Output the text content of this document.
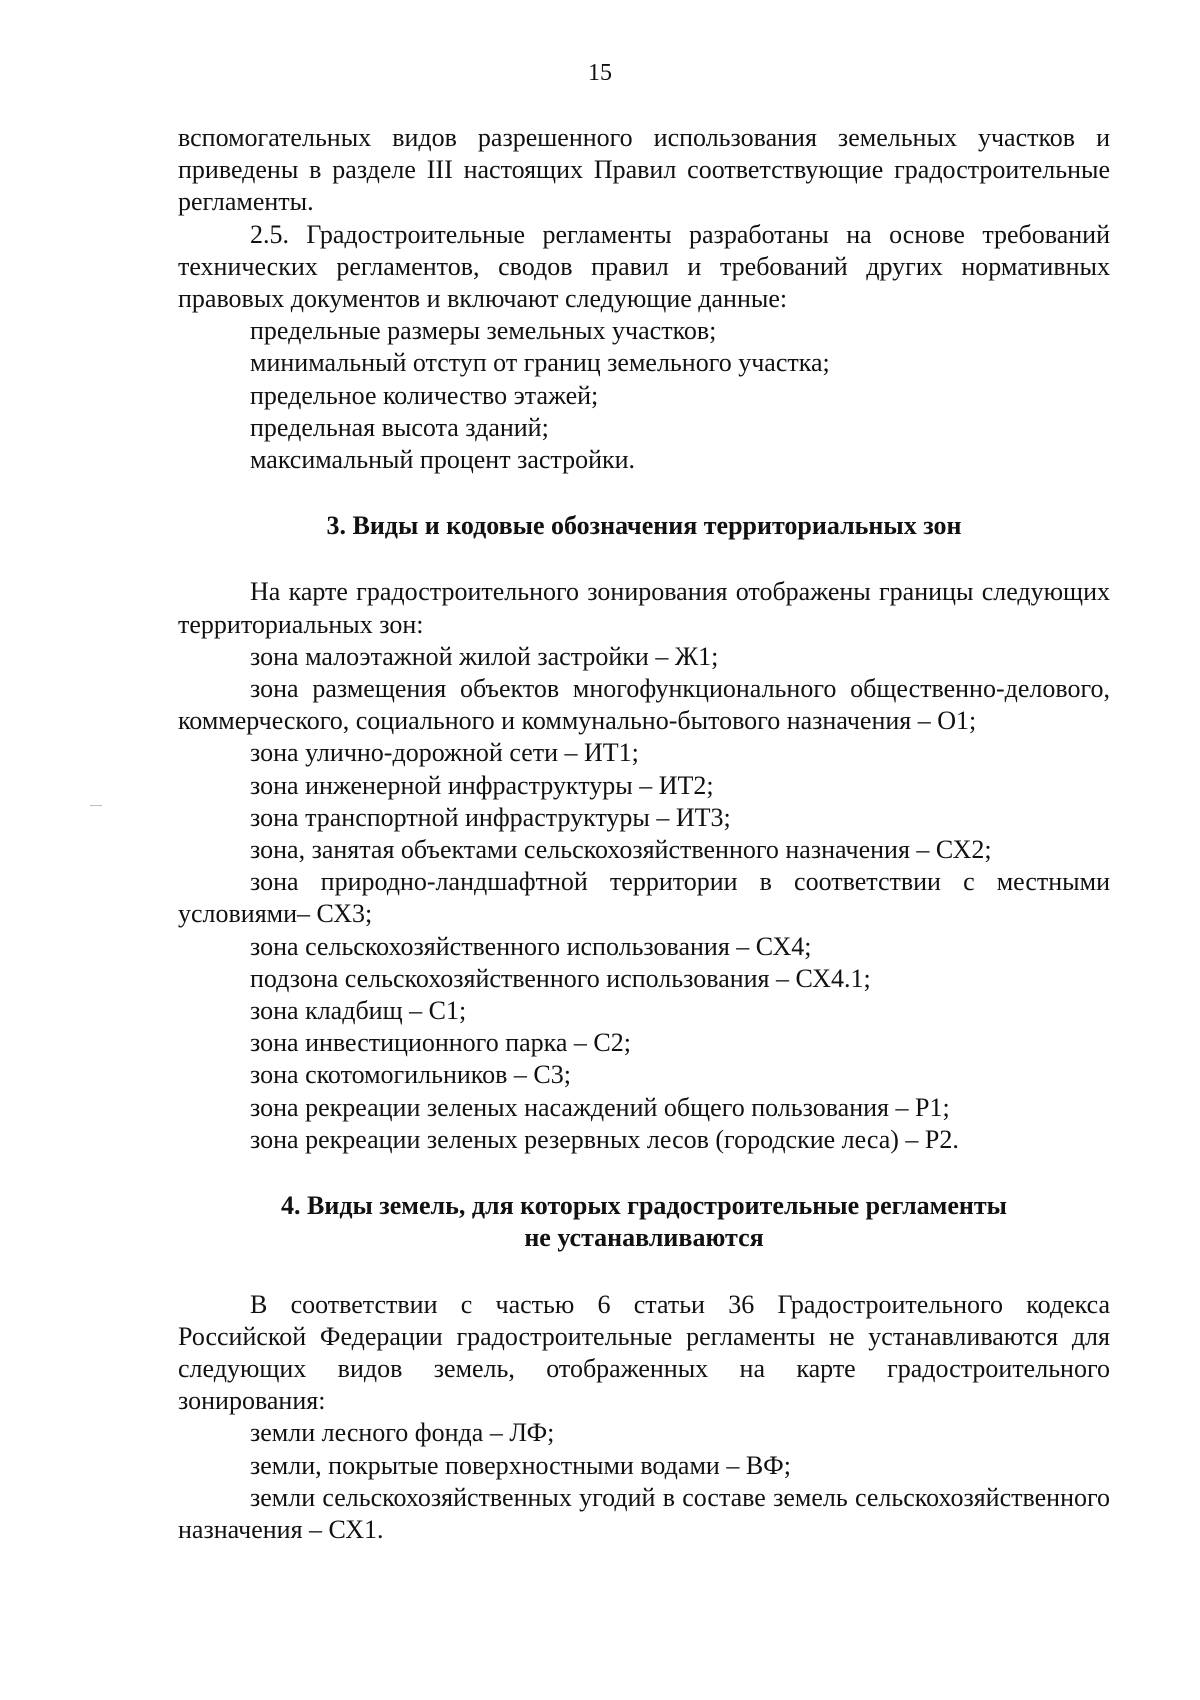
15

вспомогательных видов разрешенного использования земельных участков и приведены в разделе III настоящих Правил соответствующие градостроительные регламенты.

2.5. Градостроительные регламенты разработаны на основе требований технических регламентов, сводов правил и требований других нормативных правовых документов и включают следующие данные:

предельные размеры земельных участков;

минимальный отступ от границ земельного участка;

предельное количество этажей;

предельная высота зданий;

максимальный процент застройки.

3. Виды и кодовые обозначения территориальных зон

На карте градостроительного зонирования отображены границы следующих территориальных зон:

зона малоэтажной жилой застройки – Ж1;

зона размещения объектов многофункционального общественно-делового, коммерческого, социального и коммунально-бытового назначения – О1;

зона улично-дорожной сети – ИТ1;

зона инженерной инфраструктуры – ИТ2;

зона транспортной инфраструктуры – ИТ3;

зона, занятая объектами сельскохозяйственного назначения – СХ2;

зона природно-ландшафтной территории в соответствии с местными условиями– СХ3;

зона сельскохозяйственного использования – СХ4;

подзона сельскохозяйственного использования – СХ4.1;

зона кладбищ – С1;

зона инвестиционного парка – С2;

зона скотомогильников – С3;

зона рекреации зеленых насаждений общего пользования – Р1;

зона рекреации зеленых резервных лесов (городские леса) – Р2.

4. Виды земель, для которых градостроительные регламенты
не устанавливаются

В соответствии с частью 6 статьи 36 Градостроительного кодекса Российской Федерации градостроительные регламенты не устанавливаются для следующих видов земель, отображенных на карте градостроительного зонирования:

земли лесного фонда – ЛФ;

земли, покрытые поверхностными водами – ВФ;

земли сельскохозяйственных угодий в составе земель сельскохозяйственного назначения – СХ1.
